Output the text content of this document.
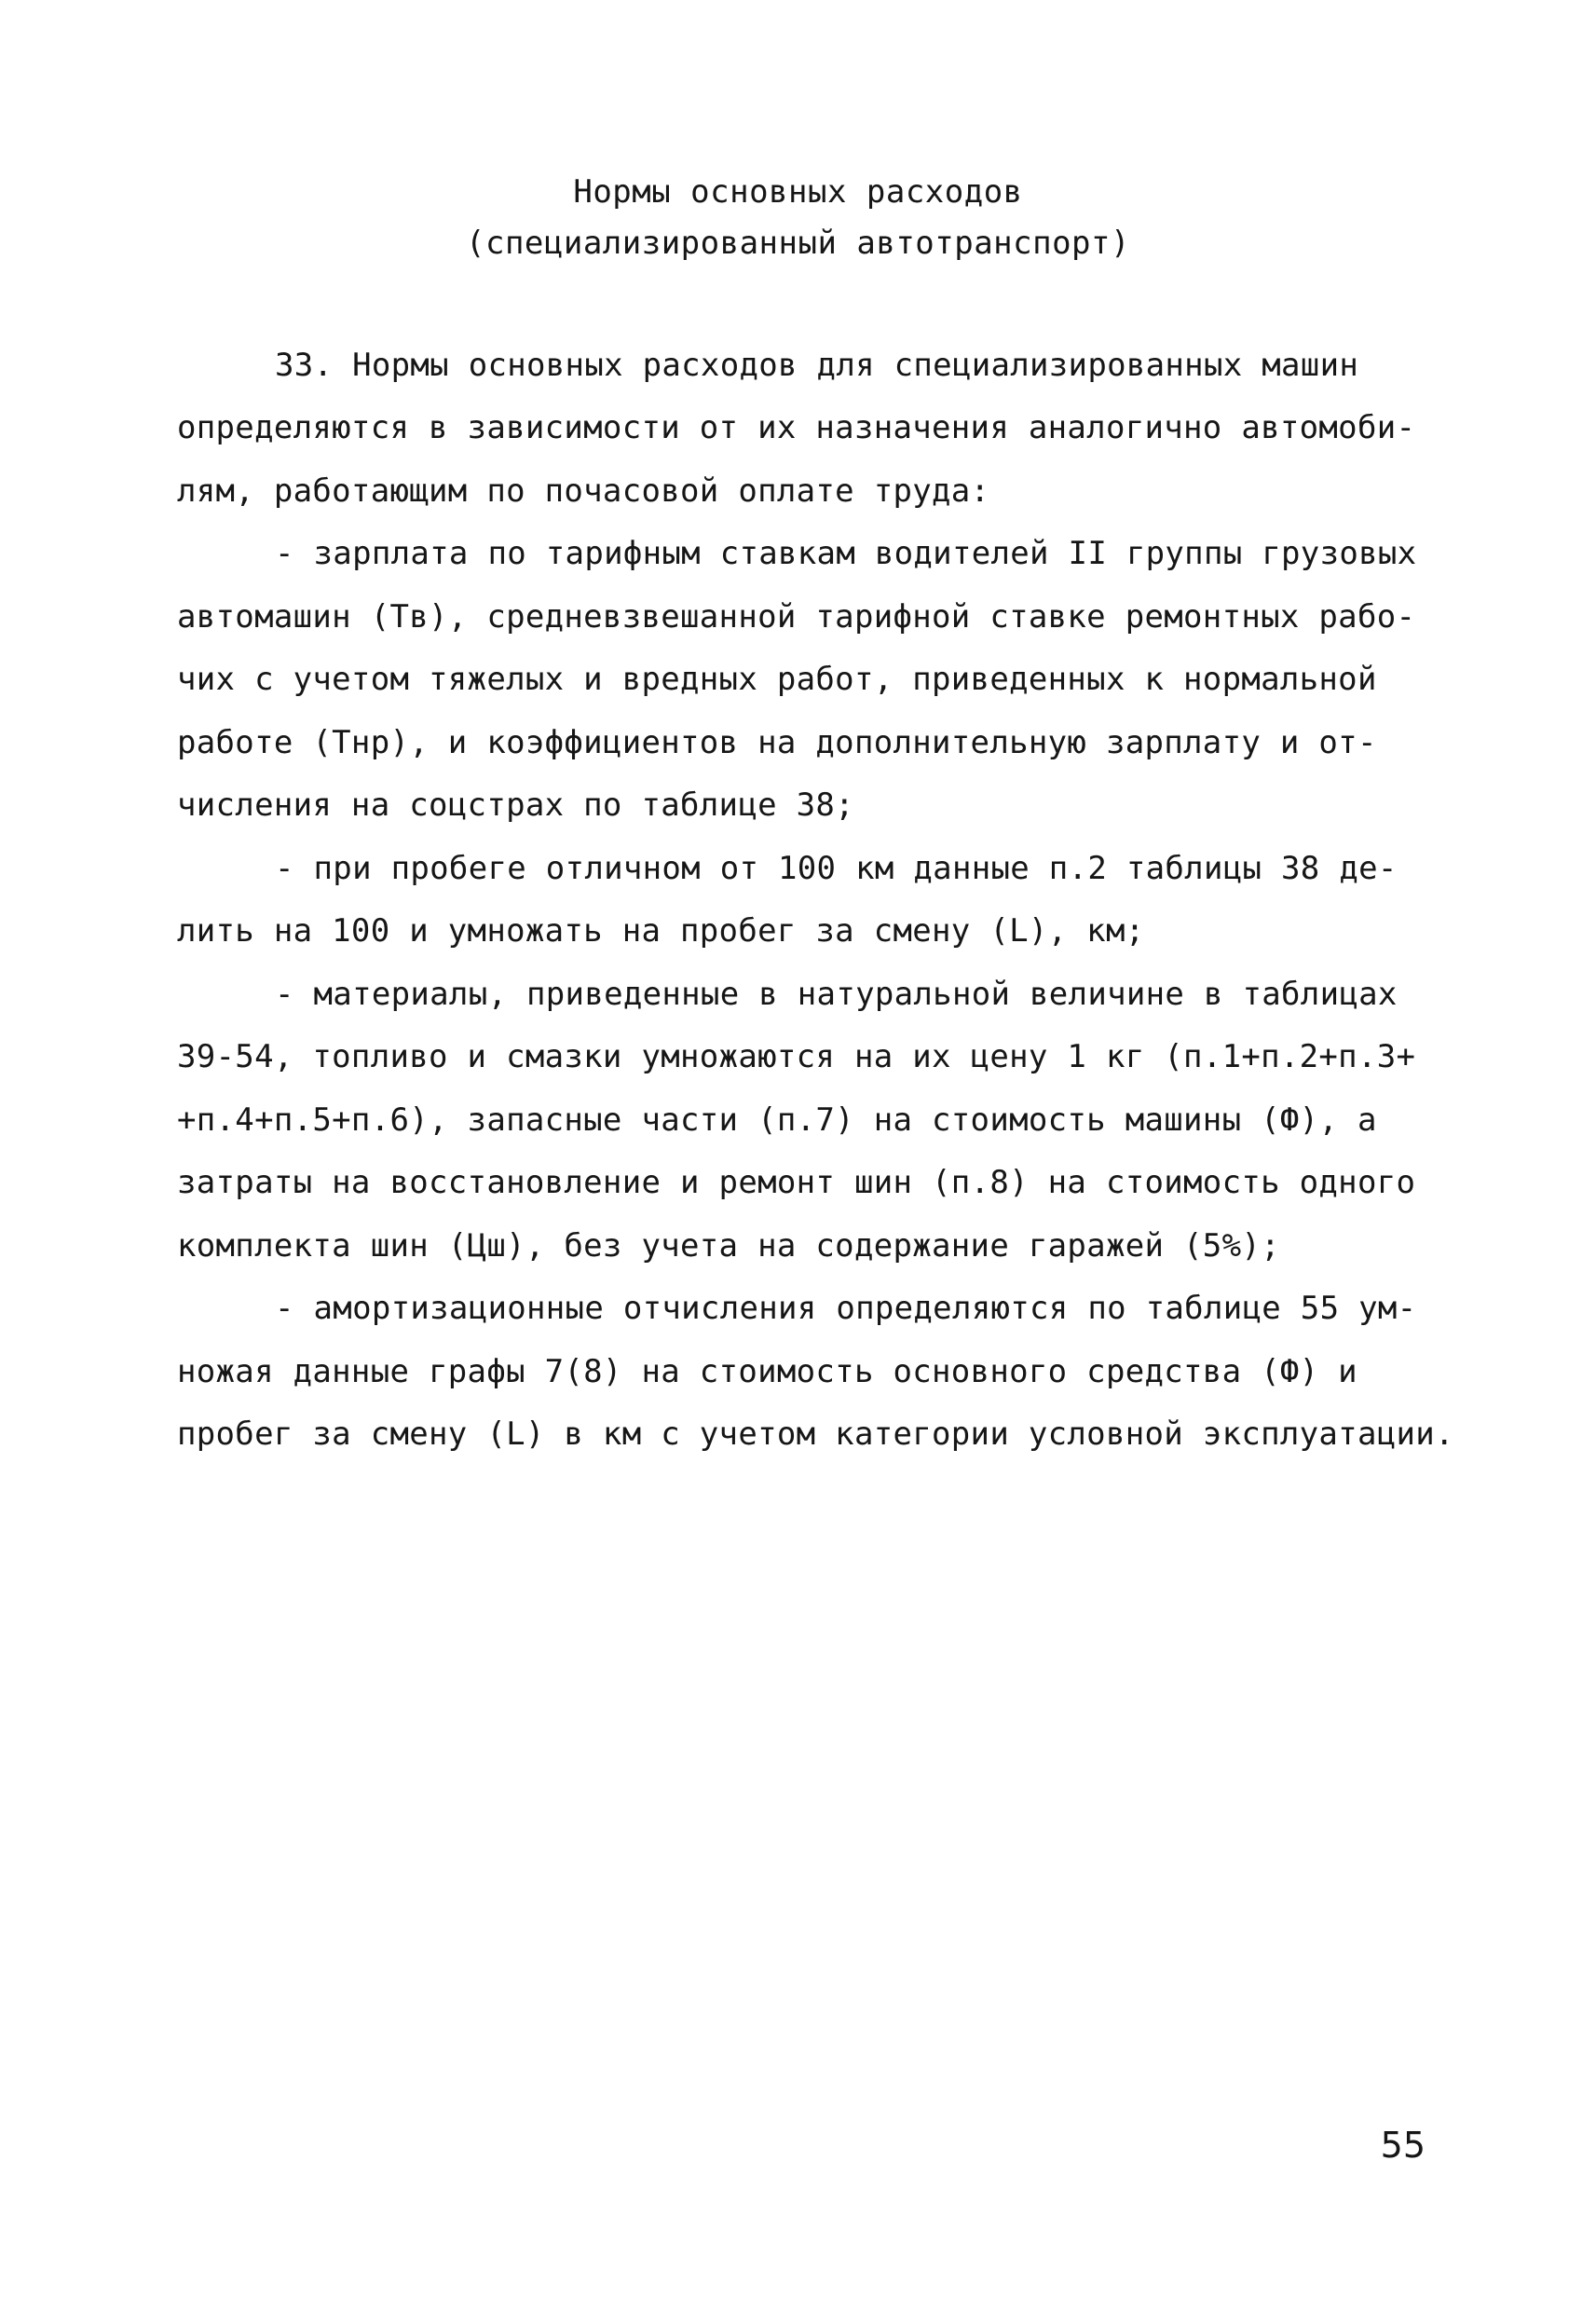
Нормы основных расходов
(специализированный автотранспорт)
33. Нормы основных расходов для специализированных машин
определяются в зависимости от их назначения аналогично автомоби-
лям, работающим по почасовой оплате труда:
- зарплата по тарифным ставкам водителей II группы грузовых
автомашин (Тв), средневзвешанной тарифной ставке ремонтных рабо-
чих с учетом тяжелых и вредных работ, приведенных к нормальной
работе (Тнр), и коэффициентов на дополнительную зарплату и от-
числения на соцстрах по таблице 38;
- при пробеге отличном от 100 км данные п.2 таблицы 38 де-
лить на 100 и умножать на пробег за смену (L), км;
- материалы, приведенные в натуральной величине в таблицах
39-54, топливо и смазки умножаются на их цену 1 кг (п.1+п.2+п.3+
+п.4+п.5+п.6), запасные части (п.7) на стоимость машины (Ф), а
затраты на восстановление и ремонт шин (п.8) на стоимость одного
комплекта шин (Цш), без учета на содержание гаражей (5%);
- амортизационные отчисления определяются по таблице 55 ум-
ножая данные графы 7(8) на стоимость основного средства (Ф) и
пробег за смену (L) в км с учетом категории условной эксплуатации.
55
